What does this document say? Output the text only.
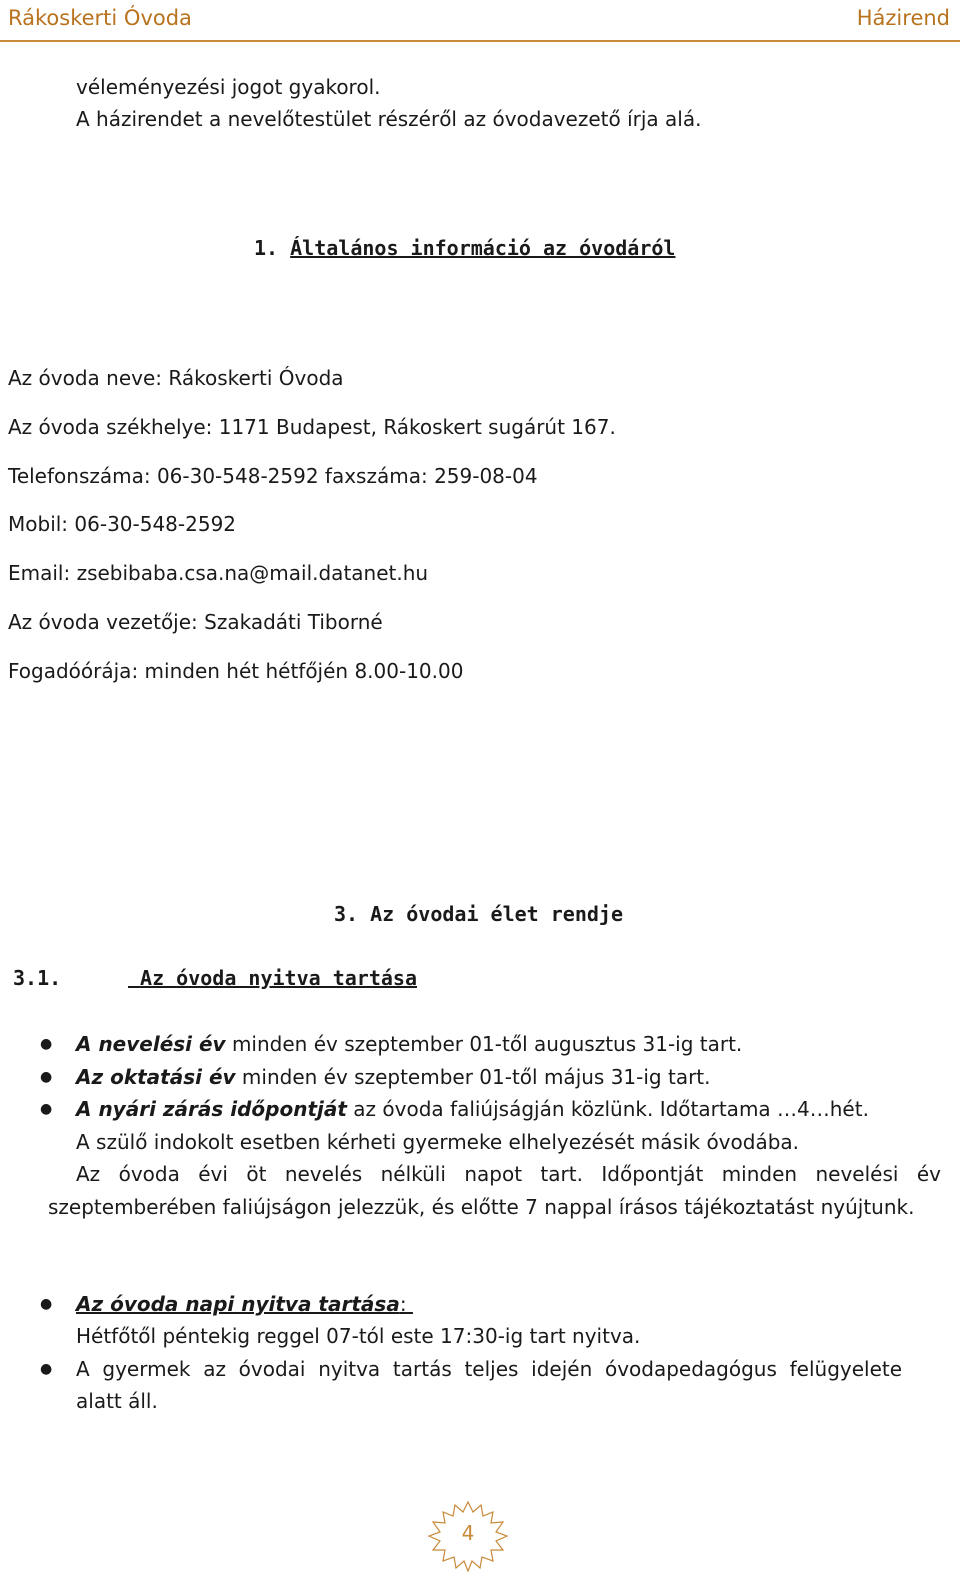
Rákoskerti Óvoda	Házirend
véleményezési jogot gyakorol.
A házirendet a nevelőtestület részéről az óvodavezető írja alá.
1. Általános információ az óvodáról
Az óvoda neve: Rákoskerti Óvoda
Az óvoda székhelye: 1171 Budapest, Rákoskert sugárút 167.
Telefonszáma: 06-30-548-2592 faxszáma: 259-08-04
Mobil: 06-30-548-2592
Email: zsebibaba.csa.na@mail.datanet.hu
Az óvoda vezetője: Szakadáti Tiborné
Fogadóórája: minden hét hétfőjén 8.00-10.00
3. Az óvodai élet rendje
3.1.	Az óvoda nyitva tartása
● A nevelési év minden év szeptember 01-től augusztus 31-ig tart.
● Az oktatási év minden év szeptember 01-től május 31-ig tart.
● A nyári zárás időpontját az óvoda faliújságján közlünk. Időtartama …4…hét.
A szülő indokolt esetben kérheti gyermeke elhelyezését másik óvodába.
Az óvoda évi öt nevelés nélküli napot tart. Időpontját minden nevelési év szeptemberében faliújságon jelezzük, és előtte 7 nappal írásos tájékoztatást nyújtunk.
● Az óvoda napi nyitva tartása:
Hétfőtől péntekig reggel 07-tól este 17:30-ig tart nyitva.
● A  gyermek  az  óvodai  nyitva  tartás  teljes  idején  óvodapedagógus  felügyelete
alatt áll.
4
